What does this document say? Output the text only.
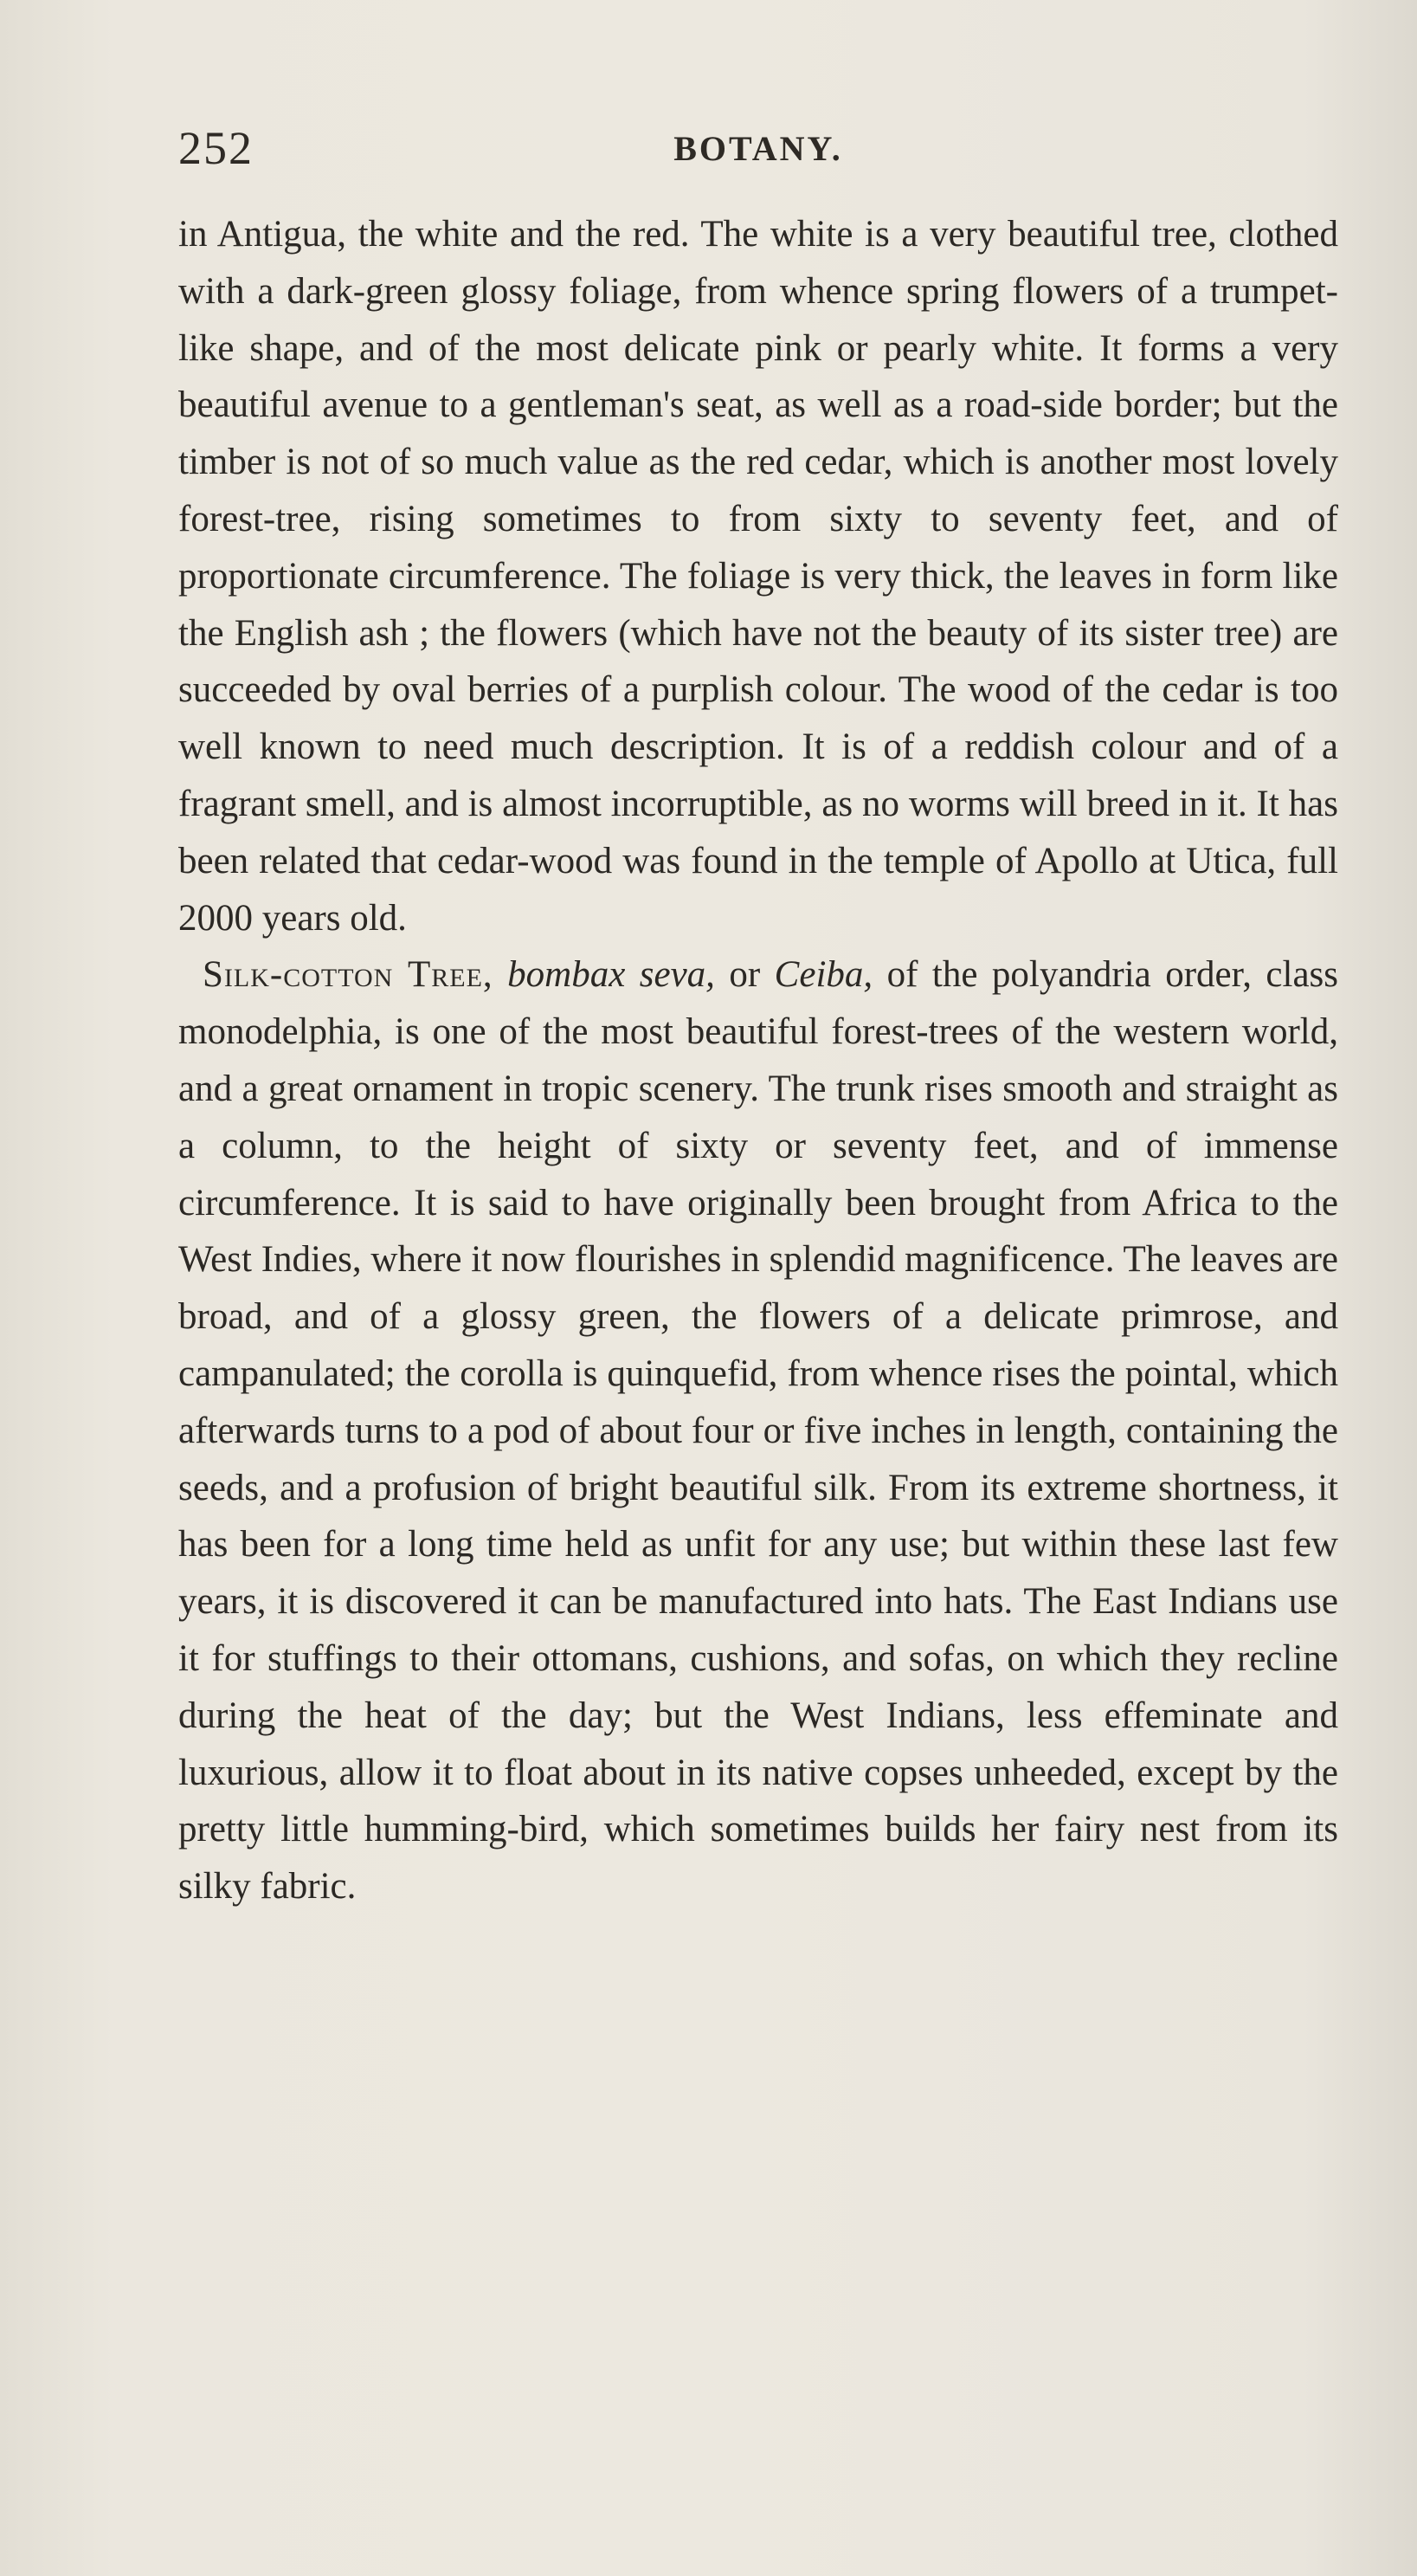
252	BOTANY.

in Antigua, the white and the red. The white is a very beautiful tree, clothed with a dark-green glossy foliage, from whence spring flowers of a trumpet-like shape, and of the most delicate pink or pearly white. It forms a very beautiful avenue to a gentleman's seat, as well as a road-side border; but the timber is not of so much value as the red cedar, which is another most lovely forest-tree, rising sometimes to from sixty to seventy feet, and of proportionate circumference. The foliage is very thick, the leaves in form like the English ash ; the flowers (which have not the beauty of its sister tree) are succeeded by oval berries of a purplish colour. The wood of the cedar is too well known to need much description. It is of a reddish colour and of a fragrant smell, and is almost incorruptible, as no worms will breed in it. It has been related that cedar-wood was found in the temple of Apollo at Utica, full 2000 years old.

Silk-cotton Tree, bombax seva, or Ceiba, of the polyandria order, class monodelphia, is one of the most beautiful forest-trees of the western world, and a great ornament in tropic scenery. The trunk rises smooth and straight as a column, to the height of sixty or seventy feet, and of immense circumference. It is said to have originally been brought from Africa to the West Indies, where it now flourishes in splendid magnificence. The leaves are broad, and of a glossy green, the flowers of a delicate primrose, and campanulated; the corolla is quinquefid, from whence rises the pointal, which afterwards turns to a pod of about four or five inches in length, containing the seeds, and a profusion of bright beautiful silk. From its extreme shortness, it has been for a long time held as unfit for any use; but within these last few years, it is discovered it can be manufactured into hats. The East Indians use it for stuffings to their ottomans, cushions, and sofas, on which they recline during the heat of the day; but the West Indians, less effeminate and luxurious, allow it to float about in its native copses unheeded, except by the pretty little humming-bird, which sometimes builds her fairy nest from its silky fabric.
